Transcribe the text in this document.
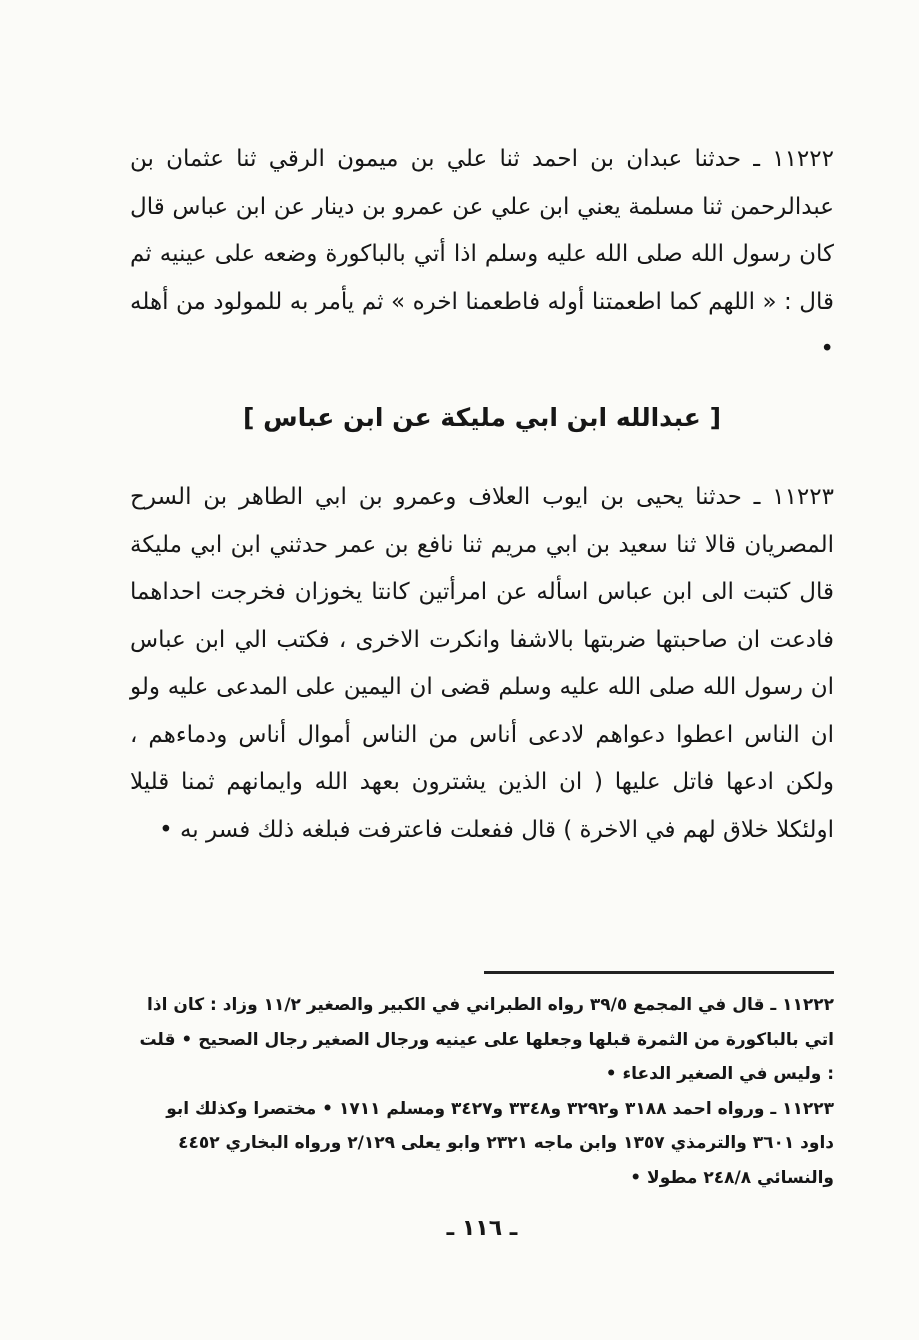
١١٢٢٢ ـ حدثنا عبدان بن احمد ثنا علي بن ميمون الرقي ثنا عثمان بن عبدالرحمن ثنا مسلمة يعني ابن علي عن عمرو بن دينار عن ابن عباس قال كان رسول الله صلى الله عليه وسلم اذا أتي بالباكورة وضعه على عينيه ثم قال : « اللهم كما اطعمتنا أوله فاطعمنا اخره » ثم يأمر به للمولود من أهله •

[ عبدالله ابن ابي مليكة عن ابن عباس ]

١١٢٢٣ ـ حدثنا يحيى بن ايوب العلاف وعمرو بن ابي الطاهر بن السرح المصريان قالا ثنا سعيد بن ابي مريم ثنا نافع بن عمر حدثني ابن ابي مليكة قال كتبت الى ابن عباس اسأله عن امرأتين كانتا يخوزان فخرجت احداهما فادعت ان صاحبتها ضربتها بالاشفا وانكرت الاخرى ، فكتب الي ابن عباس ان رسول الله صلى الله عليه وسلم قضى ان اليمين على المدعى عليه ولو ان الناس اعطوا دعواهم لادعى أناس من الناس أموال أناس ودماءهم ، ولكن ادعها فاتل عليها ( ان الذين يشترون بعهد الله وايمانهم ثمنا قليلا اولئكلا خلاق لهم في الاخرة ) قال ففعلت فاعترفت فبلغه ذلك فسر به •

١١٢٢٢ ـ قال في المجمع ٣٩/٥ رواه الطبراني في الكبير والصغير ١١/٢ وزاد : كان اذا اتي بالباكورة من الثمرة قبلها وجعلها على عينيه ورجال الصغير رجال الصحيح • قلت : وليس في الصغير الدعاء •

١١٢٢٣ ـ ورواه احمد ٣١٨٨ و٣٢٩٢ و٣٣٤٨ و٣٤٢٧ ومسلم ١٧١١ • مختصرا وكذلك ابو داود ٣٦٠١ والترمذي ١٣٥٧ وابن ماجه ٢٣٢١ وابو يعلى ٢/١٢٩ ورواه البخاري ٤٤٥٢ والنسائي ٢٤٨/٨ مطولا •

ـ ١١٦ ـ
